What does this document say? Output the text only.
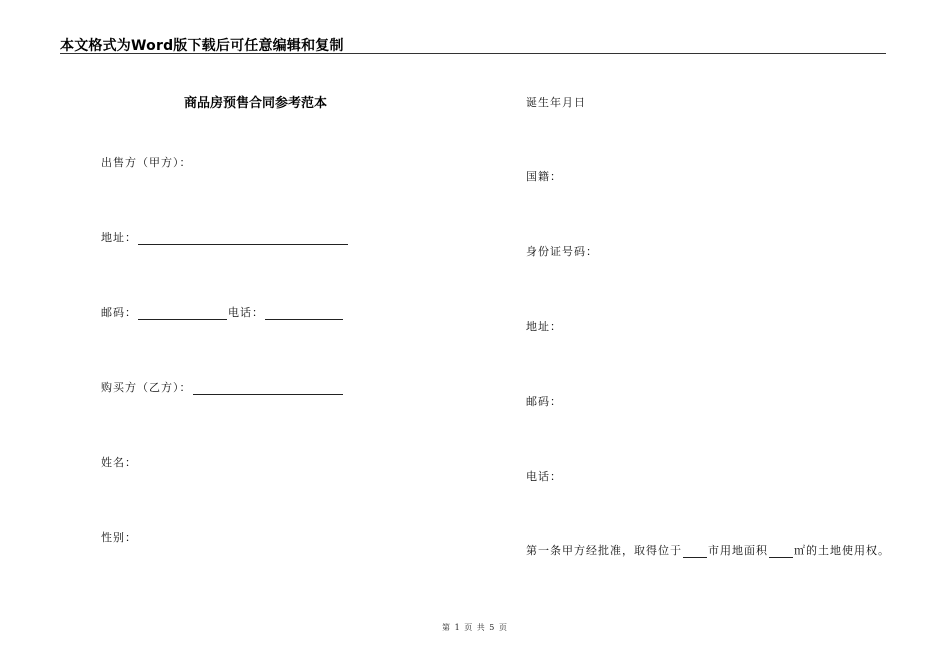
本文格式为Word版下载后可任意编辑和复制
商品房预售合同参考范本
出售方（甲方）：
地址：
邮码：	电话：
购买方（乙方）：
姓名：
性别：
诞生年月日
国籍：
身份证号码：
地址：
邮码：
电话：
第一条甲方经批准，取得位于 市用地面积 ㎡的土地使用权。
第 1 页 共 5 页
